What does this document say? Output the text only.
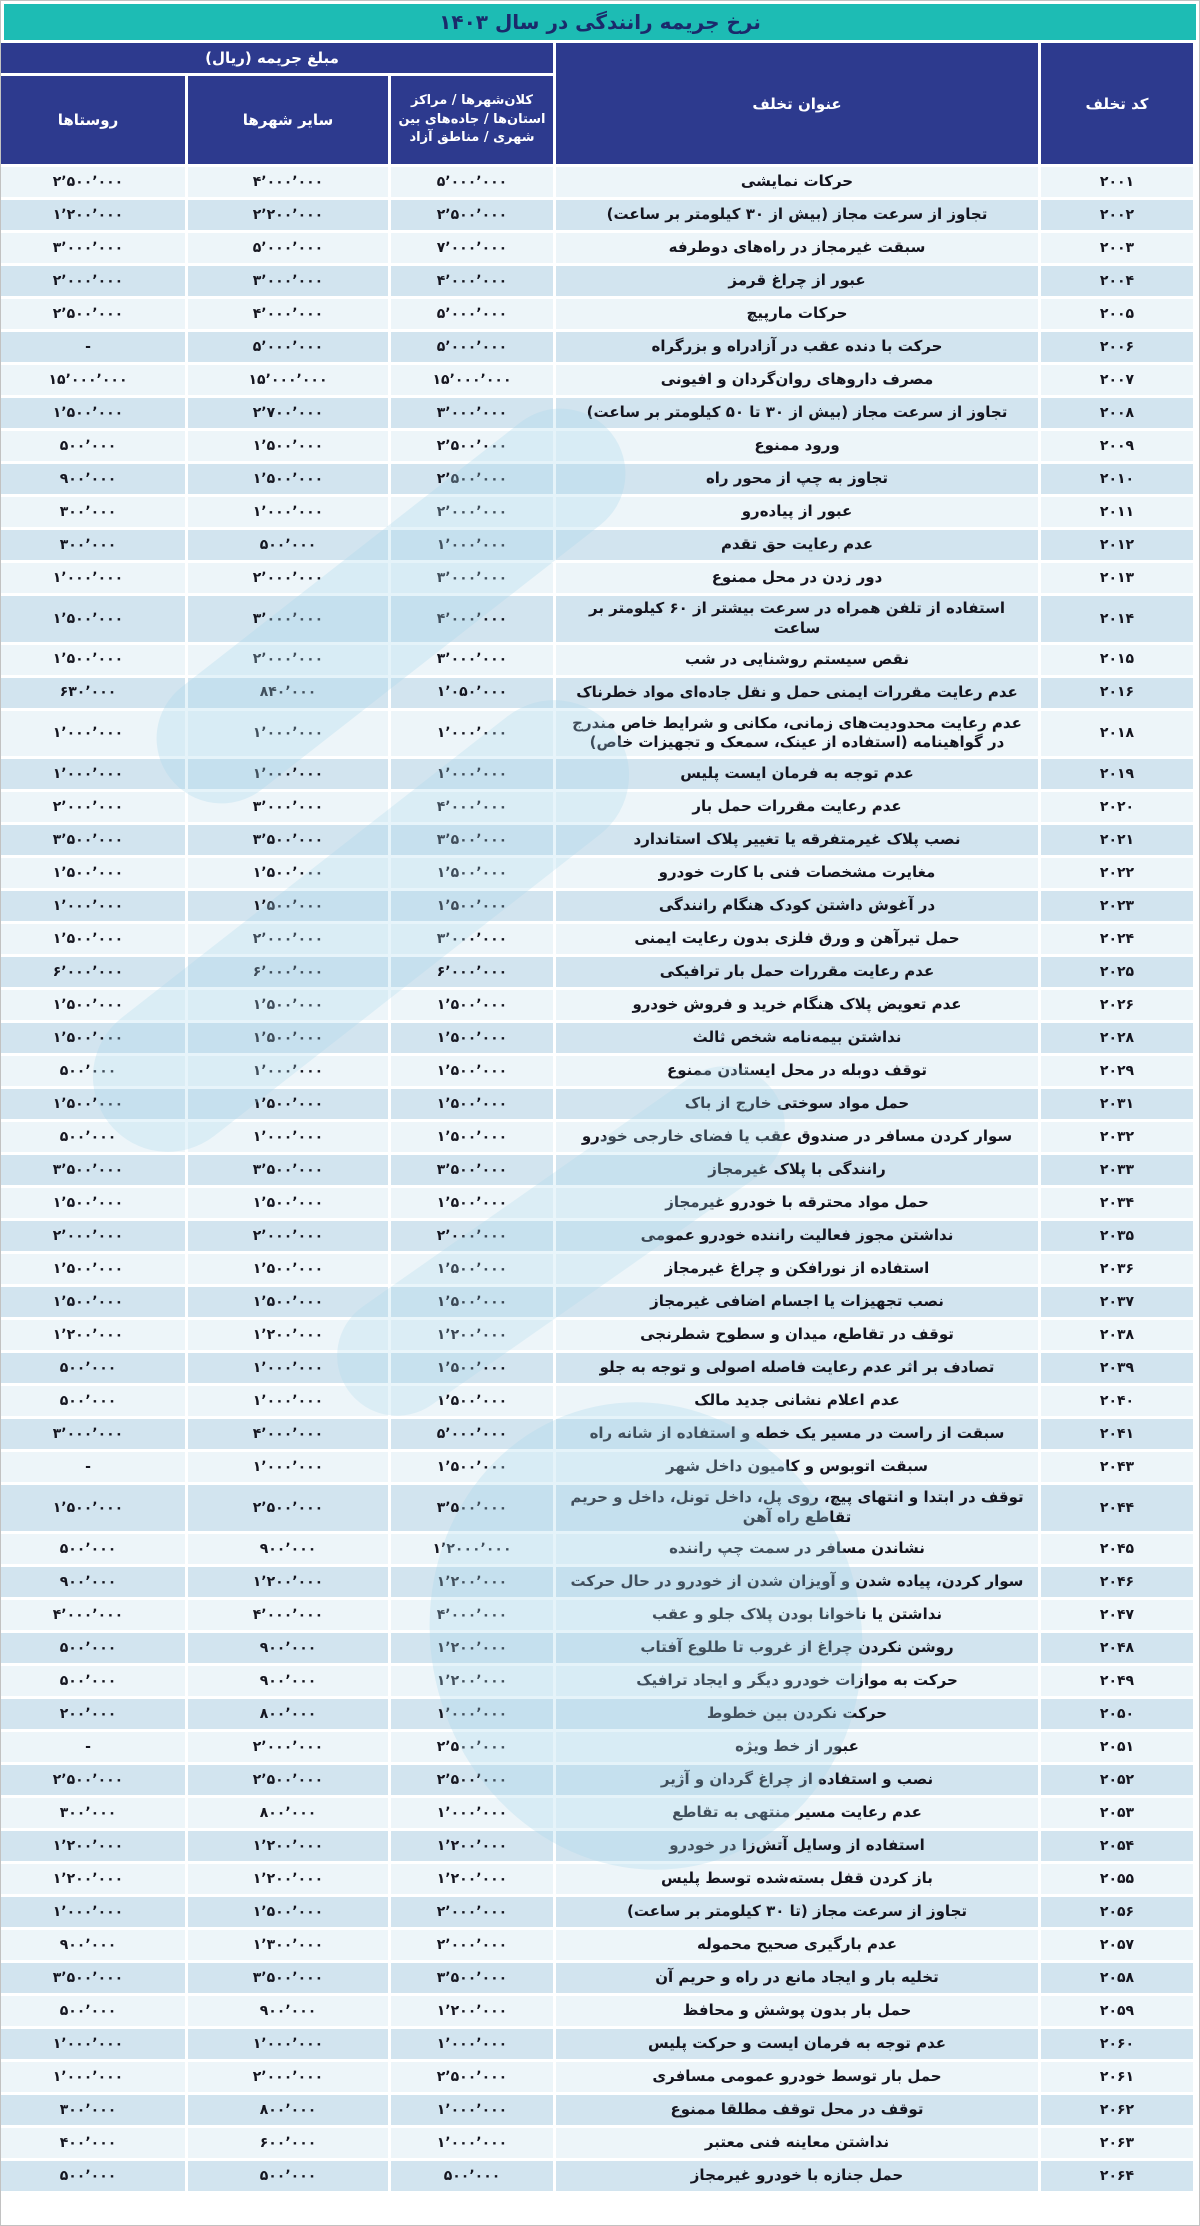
نرخ جریمه رانندگی در سال ۱۴۰۳
کد تخلف	عنوان تخلف	مبلغ جریمه (ریال)		
		کلان‌شهرها / مراکز استان‌ها / جاده‌های بین شهری / مناطق آزاد	سایر شهرها	روستاها
۲۰۰۱	حرکات نمایشی	۵٬۰۰۰٬۰۰۰	۴٬۰۰۰٬۰۰۰	۲٬۵۰۰٬۰۰۰
۲۰۰۲	تجاوز از سرعت مجاز (بیش از ۳۰ کیلومتر بر ساعت)	۲٬۵۰۰٬۰۰۰	۲٬۲۰۰٬۰۰۰	۱٬۲۰۰٬۰۰۰
۲۰۰۳	سبقت غیرمجاز در راه‌های دوطرفه	۷٬۰۰۰٬۰۰۰	۵٬۰۰۰٬۰۰۰	۳٬۰۰۰٬۰۰۰
۲۰۰۴	عبور از چراغ قرمز	۴٬۰۰۰٬۰۰۰	۳٬۰۰۰٬۰۰۰	۲٬۰۰۰٬۰۰۰
۲۰۰۵	حرکات مارپیچ	۵٬۰۰۰٬۰۰۰	۴٬۰۰۰٬۰۰۰	۲٬۵۰۰٬۰۰۰
۲۰۰۶	حرکت با دنده عقب در آزادراه و بزرگراه	۵٬۰۰۰٬۰۰۰	۵٬۰۰۰٬۰۰۰	-
۲۰۰۷	مصرف داروهای روان‌گردان و افیونی	۱۵٬۰۰۰٬۰۰۰	۱۵٬۰۰۰٬۰۰۰	۱۵٬۰۰۰٬۰۰۰
۲۰۰۸	تجاوز از سرعت مجاز (بیش از ۳۰ تا ۵۰ کیلومتر بر ساعت)	۳٬۰۰۰٬۰۰۰	۲٬۷۰۰٬۰۰۰	۱٬۵۰۰٬۰۰۰
۲۰۰۹	ورود ممنوع	۲٬۵۰۰٬۰۰۰	۱٬۵۰۰٬۰۰۰	۵۰۰٬۰۰۰
۲۰۱۰	تجاوز به چپ از محور راه	۲٬۵۰۰٬۰۰۰	۱٬۵۰۰٬۰۰۰	۹۰۰٬۰۰۰
۲۰۱۱	عبور از پیاده‌رو	۲٬۰۰۰٬۰۰۰	۱٬۰۰۰٬۰۰۰	۳۰۰٬۰۰۰
۲۰۱۲	عدم رعایت حق تقدم	۱٬۰۰۰٬۰۰۰	۵۰۰٬۰۰۰	۳۰۰٬۰۰۰
۲۰۱۳	دور زدن در محل ممنوع	۳٬۰۰۰٬۰۰۰	۲٬۰۰۰٬۰۰۰	۱٬۰۰۰٬۰۰۰
۲۰۱۴	استفاده از تلفن همراه در سرعت بیشتر از ۶۰ کیلومتر بر ساعت	۴٬۰۰۰٬۰۰۰	۳٬۰۰۰٬۰۰۰	۱٬۵۰۰٬۰۰۰
۲۰۱۵	نقص سیستم روشنایی در شب	۳٬۰۰۰٬۰۰۰	۲٬۰۰۰٬۰۰۰	۱٬۵۰۰٬۰۰۰
۲۰۱۶	عدم رعایت مقررات ایمنی حمل و نقل جاده‌ای مواد خطرناک	۱٬۰۵۰٬۰۰۰	۸۴۰٬۰۰۰	۶۳۰٬۰۰۰
۲۰۱۸	عدم رعایت محدودیت‌های زمانی، مکانی و شرایط خاص مندرج در گواهینامه (استفاده از عینک، سمعک و تجهیزات خاص)	۱٬۰۰۰٬۰۰۰	۱٬۰۰۰٬۰۰۰	۱٬۰۰۰٬۰۰۰
۲۰۱۹	عدم توجه به فرمان ایست پلیس	۱٬۰۰۰٬۰۰۰	۱٬۰۰۰٬۰۰۰	۱٬۰۰۰٬۰۰۰
۲۰۲۰	عدم رعایت مقررات حمل بار	۴٬۰۰۰٬۰۰۰	۳٬۰۰۰٬۰۰۰	۲٬۰۰۰٬۰۰۰
۲۰۲۱	نصب پلاک غیرمتفرقه یا تغییر پلاک استاندارد	۳٬۵۰۰٬۰۰۰	۳٬۵۰۰٬۰۰۰	۳٬۵۰۰٬۰۰۰
۲۰۲۲	مغایرت مشخصات فنی با کارت خودرو	۱٬۵۰۰٬۰۰۰	۱٬۵۰۰٬۰۰۰	۱٬۵۰۰٬۰۰۰
۲۰۲۳	در آغوش داشتن کودک هنگام رانندگی	۱٬۵۰۰٬۰۰۰	۱٬۵۰۰٬۰۰۰	۱٬۰۰۰٬۰۰۰
۲۰۲۴	حمل تیرآهن و ورق فلزی بدون رعایت ایمنی	۳٬۰۰۰٬۰۰۰	۲٬۰۰۰٬۰۰۰	۱٬۵۰۰٬۰۰۰
۲۰۲۵	عدم رعایت مقررات حمل بار ترافیکی	۶٬۰۰۰٬۰۰۰	۶٬۰۰۰٬۰۰۰	۶٬۰۰۰٬۰۰۰
۲۰۲۶	عدم تعویض پلاک هنگام خرید و فروش خودرو	۱٬۵۰۰٬۰۰۰	۱٬۵۰۰٬۰۰۰	۱٬۵۰۰٬۰۰۰
۲۰۲۸	نداشتن بیمه‌نامه شخص ثالث	۱٬۵۰۰٬۰۰۰	۱٬۵۰۰٬۰۰۰	۱٬۵۰۰٬۰۰۰
۲۰۲۹	توقف دوبله در محل ایستادن ممنوع	۱٬۵۰۰٬۰۰۰	۱٬۰۰۰٬۰۰۰	۵۰۰٬۰۰۰
۲۰۳۱	حمل مواد سوختی خارج از باک	۱٬۵۰۰٬۰۰۰	۱٬۵۰۰٬۰۰۰	۱٬۵۰۰٬۰۰۰
۲۰۳۲	سوار کردن مسافر در صندوق عقب یا فضای خارجی خودرو	۱٬۵۰۰٬۰۰۰	۱٬۰۰۰٬۰۰۰	۵۰۰٬۰۰۰
۲۰۳۳	رانندگی با پلاک غیرمجاز	۳٬۵۰۰٬۰۰۰	۳٬۵۰۰٬۰۰۰	۳٬۵۰۰٬۰۰۰
۲۰۳۴	حمل مواد محترقه با خودرو غیرمجاز	۱٬۵۰۰٬۰۰۰	۱٬۵۰۰٬۰۰۰	۱٬۵۰۰٬۰۰۰
۲۰۳۵	نداشتن مجوز فعالیت راننده خودرو عمومی	۲٬۰۰۰٬۰۰۰	۲٬۰۰۰٬۰۰۰	۲٬۰۰۰٬۰۰۰
۲۰۳۶	استفاده از نورافکن و چراغ غیرمجاز	۱٬۵۰۰٬۰۰۰	۱٬۵۰۰٬۰۰۰	۱٬۵۰۰٬۰۰۰
۲۰۳۷	نصب تجهیزات یا اجسام اضافی غیرمجاز	۱٬۵۰۰٬۰۰۰	۱٬۵۰۰٬۰۰۰	۱٬۵۰۰٬۰۰۰
۲۰۳۸	توقف در تقاطع، میدان و سطوح شطرنجی	۱٬۲۰۰٬۰۰۰	۱٬۲۰۰٬۰۰۰	۱٬۲۰۰٬۰۰۰
۲۰۳۹	تصادف بر اثر عدم رعایت فاصله اصولی و توجه به جلو	۱٬۵۰۰٬۰۰۰	۱٬۰۰۰٬۰۰۰	۵۰۰٬۰۰۰
۲۰۴۰	عدم اعلام نشانی جدید مالک	۱٬۵۰۰٬۰۰۰	۱٬۰۰۰٬۰۰۰	۵۰۰٬۰۰۰
۲۰۴۱	سبقت از راست در مسیر یک خطه و استفاده از شانه راه	۵٬۰۰۰٬۰۰۰	۴٬۰۰۰٬۰۰۰	۳٬۰۰۰٬۰۰۰
۲۰۴۳	سبقت اتوبوس و کامیون داخل شهر	۱٬۵۰۰٬۰۰۰	۱٬۰۰۰٬۰۰۰	-
۲۰۴۴	توقف در ابتدا و انتهای پیچ، روی پل، داخل تونل، داخل و حریم تقاطع راه آهن	۳٬۵۰۰٬۰۰۰	۲٬۵۰۰٬۰۰۰	۱٬۵۰۰٬۰۰۰
۲۰۴۵	نشاندن مسافر در سمت چپ راننده	۱٬۲۰۰۰٬۰۰۰	۹۰۰٬۰۰۰	۵۰۰٬۰۰۰
۲۰۴۶	سوار کردن، پیاده شدن و آویزان شدن از خودرو در حال حرکت	۱٬۲۰۰٬۰۰۰	۱٬۲۰۰٬۰۰۰	۹۰۰٬۰۰۰
۲۰۴۷	نداشتن یا ناخوانا بودن پلاک جلو و عقب	۴٬۰۰۰٬۰۰۰	۴٬۰۰۰٬۰۰۰	۴٬۰۰۰٬۰۰۰
۲۰۴۸	روشن نکردن چراغ از غروب تا طلوع آفتاب	۱٬۲۰۰٬۰۰۰	۹۰۰٬۰۰۰	۵۰۰٬۰۰۰
۲۰۴۹	حرکت به موازات خودرو دیگر و ایجاد ترافیک	۱٬۲۰۰٬۰۰۰	۹۰۰٬۰۰۰	۵۰۰٬۰۰۰
۲۰۵۰	حرکت نکردن بین خطوط	۱٬۰۰۰٬۰۰۰	۸۰۰٬۰۰۰	۲۰۰٬۰۰۰
۲۰۵۱	عبور از خط ویژه	۲٬۵۰۰٬۰۰۰	۲٬۰۰۰٬۰۰۰	-
۲۰۵۲	نصب و استفاده از چراغ گردان و آژیر	۲٬۵۰۰٬۰۰۰	۲٬۵۰۰٬۰۰۰	۲٬۵۰۰٬۰۰۰
۲۰۵۳	عدم رعایت مسیر منتهی به تقاطع	۱٬۰۰۰٬۰۰۰	۸۰۰٬۰۰۰	۳۰۰٬۰۰۰
۲۰۵۴	استفاده از وسایل آتش‌زا در خودرو	۱٬۲۰۰٬۰۰۰	۱٬۲۰۰٬۰۰۰	۱٬۲۰۰٬۰۰۰
۲۰۵۵	باز کردن قفل بسته‌شده توسط پلیس	۱٬۲۰۰٬۰۰۰	۱٬۲۰۰٬۰۰۰	۱٬۲۰۰٬۰۰۰
۲۰۵۶	تجاوز از سرعت مجاز (تا ۳۰ کیلومتر بر ساعت)	۲٬۰۰۰٬۰۰۰	۱٬۵۰۰٬۰۰۰	۱٬۰۰۰٬۰۰۰
۲۰۵۷	عدم بارگیری صحیح محموله	۲٬۰۰۰٬۰۰۰	۱٬۳۰۰٬۰۰۰	۹۰۰٬۰۰۰
۲۰۵۸	تخلیه بار و ایجاد مانع در راه و حریم آن	۳٬۵۰۰٬۰۰۰	۳٬۵۰۰٬۰۰۰	۳٬۵۰۰٬۰۰۰
۲۰۵۹	حمل بار بدون پوشش و محافظ	۱٬۲۰۰٬۰۰۰	۹۰۰٬۰۰۰	۵۰۰٬۰۰۰
۲۰۶۰	عدم توجه به فرمان ایست و حرکت پلیس	۱٬۰۰۰٬۰۰۰	۱٬۰۰۰٬۰۰۰	۱٬۰۰۰٬۰۰۰
۲۰۶۱	حمل بار توسط خودرو عمومی مسافری	۲٬۵۰۰٬۰۰۰	۲٬۰۰۰٬۰۰۰	۱٬۰۰۰٬۰۰۰
۲۰۶۲	توقف در محل توقف مطلقا ممنوع	۱٬۰۰۰٬۰۰۰	۸۰۰٬۰۰۰	۳۰۰٬۰۰۰
۲۰۶۳	نداشتن معاینه فنی معتبر	۱٬۰۰۰٬۰۰۰	۶۰۰٬۰۰۰	۴۰۰٬۰۰۰
۲۰۶۴	حمل جنازه با خودرو غیرمجاز	۵۰۰٬۰۰۰	۵۰۰٬۰۰۰	۵۰۰٬۰۰۰
